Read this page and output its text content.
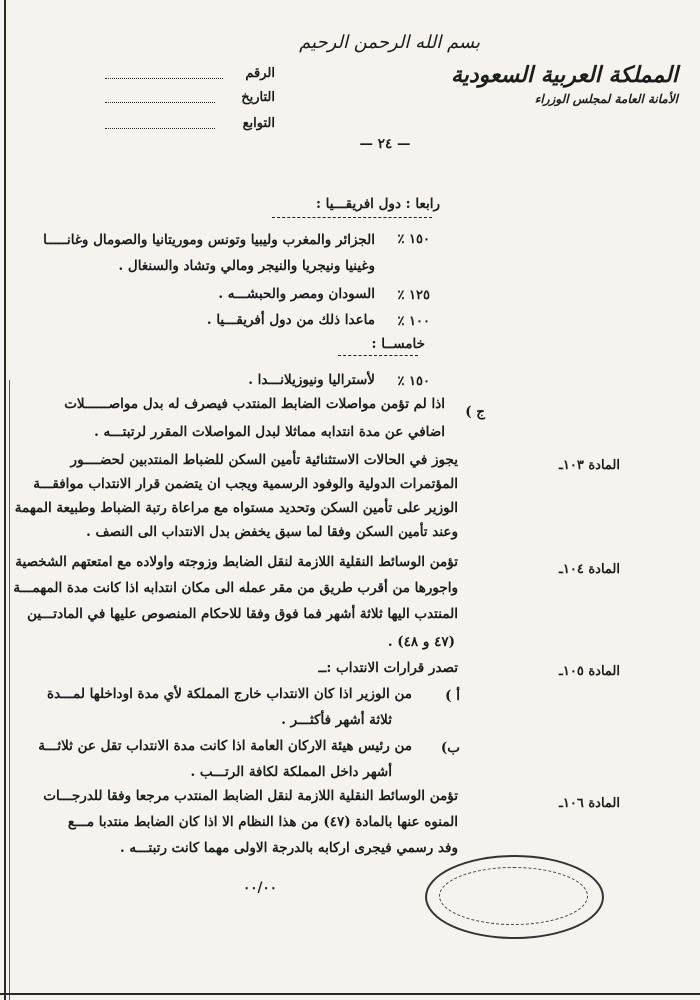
بسم الله الرحمن الرحيم
المملكة العربية السعودية
الأمانة العامة لمجلس الوزراء
الرقم
التاريخ
التوابع
— ٢٤ —
رابعا : دول افريقـــيا :
١٥٠ ٪
الجزائر والمغرب وليبيا وتونس وموريتانيا والصومال وغانـــــا
وغينيا ونيجريا والنيجر ومالي وتشاد والسنغال .
١٢٥ ٪
السودان ومصر والحبشـــه .
١٠٠ ٪
ماعدا ذلك من دول أفريقـــيا .
خامســا :
١٥٠ ٪
لأستراليا ونيوزيلانـــدا .
ج )
اذا لم تؤمن مواصلات الضابط المنتدب فيصرف له بدل مواصــــــلات
اضافي عن مدة انتدابه مماثلا لبدل المواصلات المقرر لرتبتـــه .
المادة ١٠٣ـ
يجوز في الحالات الاستثنائية تأمين السكن للضباط المنتدبين لحضــــور
المؤتمرات الدولية والوفود الرسمية ويجب ان يتضمن قرار الانتداب موافقـــة
الوزير على تأمين السكن وتحديد مستواه مع مراعاة رتبة الضباط وطبيعة المهمة
وعند تأمين السكن وفقا لما سبق يخفض بدل الانتداب الى النصف .
المادة ١٠٤ـ
تؤمن الوسائط النقلية اللازمة لنقل الضابط وزوجته واولاده مع امتعتهم الشخصية
واجورها من أقرب طريق من مقر عمله الى مكان انتدابه اذا كانت مدة المهمـــة
المنتدب اليها ثلاثة أشهر فما فوق وفقا للاحكام المنصوص عليها في المادتـــين
(٤٧ و ٤٨) .
المادة ١٠٥ـ
تصدر قرارات الانتداب :ــ
أ )
من الوزير اذا كان الانتداب خارج المملكة لأي مدة اوداخلها لمـــدة
ثلاثة أشهر فأكثـــر .
ب)
من رئيس هيئة الاركان العامة اذا كانت مدة الانتداب تقل عن ثلاثـــة
أشهر داخل المملكة لكافة الرتـــب .
المادة ١٠٦ـ
تؤمن الوسائط النقلية اللازمة لنقل الضابط المنتدب مرجعا وفقا للدرجـــات
المنوه عنها بالمادة (٤٧) من هذا النظام الا اذا كان الضابط منتدبا مـــع
وفد رسمي فيجرى اركابه بالدرجة الاولى مهما كانت رتبتـــه .
٠٠/٠٠
